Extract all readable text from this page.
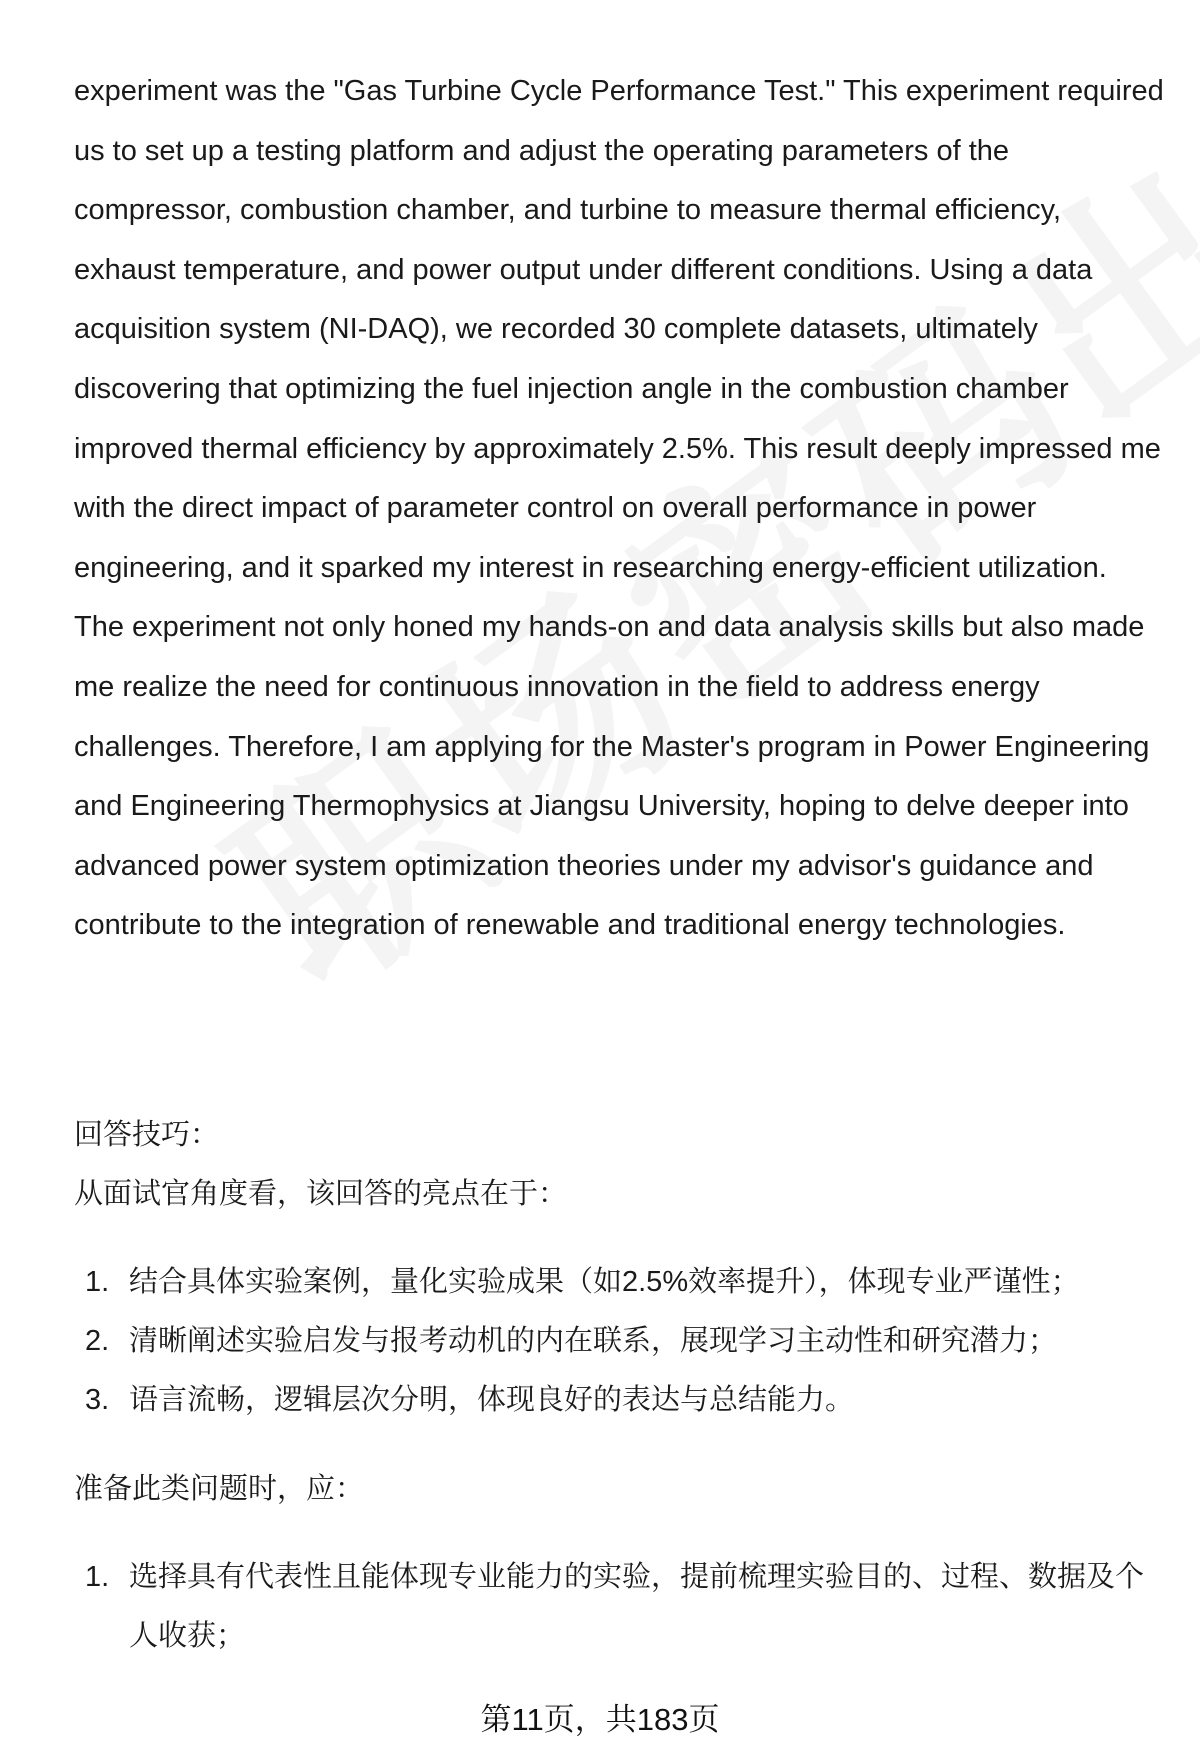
experiment was the "Gas Turbine Cycle Performance Test." This experiment required us to set up a testing platform and adjust the operating parameters of the compressor, combustion chamber, and turbine to measure thermal efficiency, exhaust temperature, and power output under different conditions. Using a data acquisition system (NI-DAQ), we recorded 30 complete datasets, ultimately discovering that optimizing the fuel injection angle in the combustion chamber improved thermal efficiency by approximately 2.5%. This result deeply impressed me with the direct impact of parameter control on overall performance in power engineering, and it sparked my interest in researching energy-efficient utilization. The experiment not only honed my hands-on and data analysis skills but also made me realize the need for continuous innovation in the field to address energy challenges. Therefore, I am applying for the Master's program in Power Engineering and Engineering Thermophysics at Jiangsu University, hoping to delve deeper into advanced power system optimization theories under my advisor's guidance and contribute to the integration of renewable and traditional energy technologies.

回答技巧：

从面试官角度看，该回答的亮点在于：

1. 结合具体实验案例，量化实验成果（如2.5%效率提升），体现专业严谨性；
2. 清晰阐述实验启发与报考动机的内在联系，展现学习主动性和研究潜力；
3. 语言流畅，逻辑层次分明，体现良好的表达与总结能力。

准备此类问题时，应：

1. 选择具有代表性且能体现专业能力的实验，提前梳理实验目的、过程、数据及个人收获；
第11页，共183页
